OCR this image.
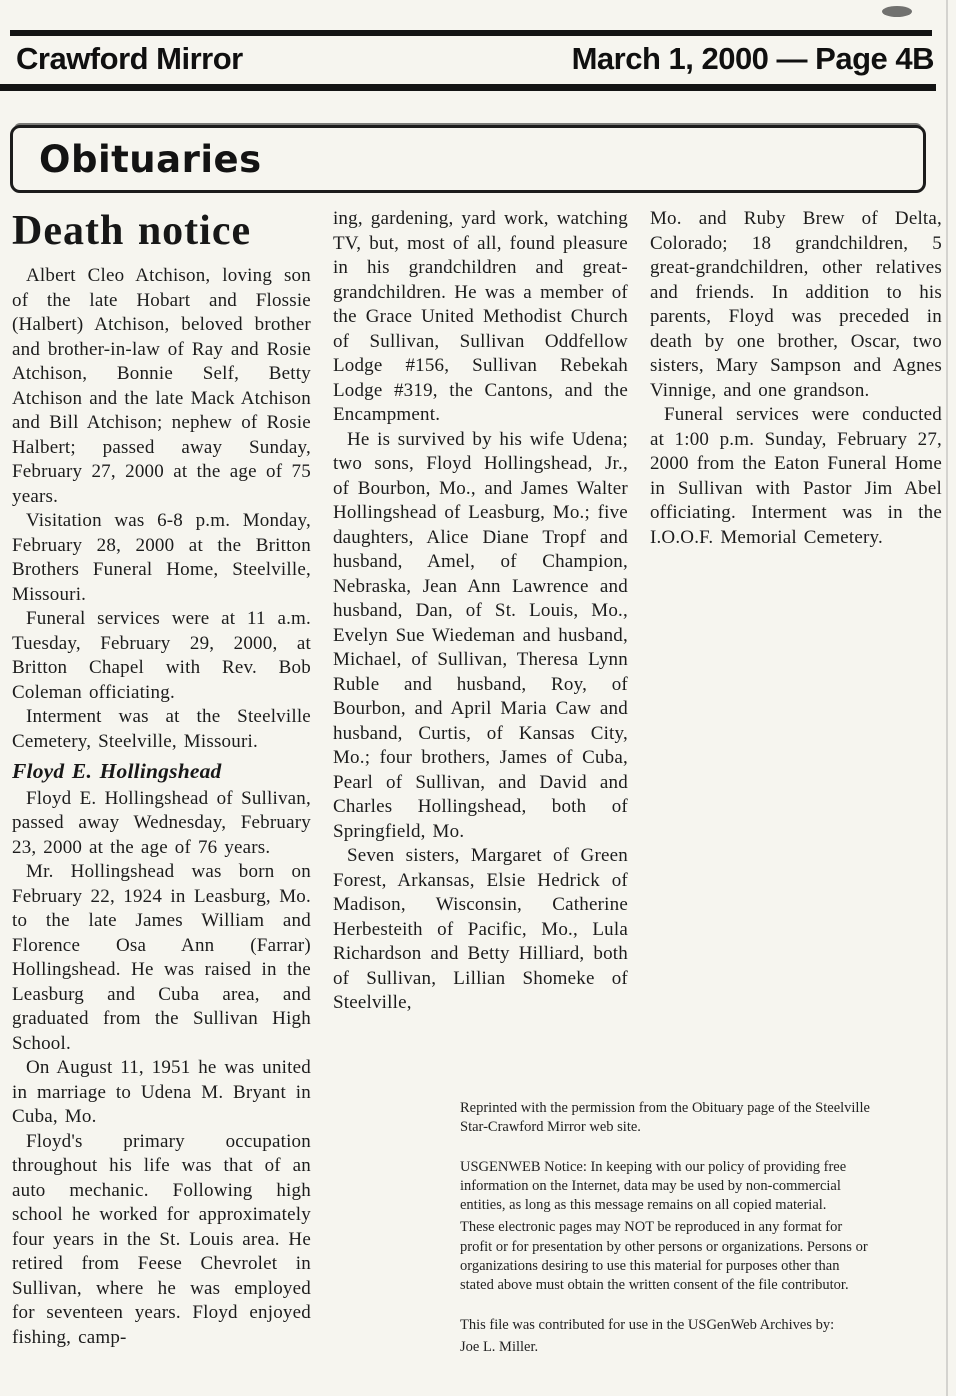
Crawford Mirror	March 1, 2000 — Page 4B
Obituaries
Death notice

Albert Cleo Atchison, loving son of the late Hobart and Flossie (Halbert) Atchison, beloved brother and brother-in-law of Ray and Rosie Atchison, Bonnie Self, Betty Atchison and the late Mack Atchison and Bill Atchison; nephew of Rosie Halbert; passed away Sunday, February 27, 2000 at the age of 75 years.

Visitation was 6-8 p.m. Monday, February 28, 2000 at the Britton Brothers Funeral Home, Steelville, Missouri.

Funeral services were at 11 a.m. Tuesday, February 29, 2000, at Britton Chapel with Rev. Bob Coleman officiating.

Interment was at the Steelville Cemetery, Steelville, Missouri.

Floyd E. Hollingshead

Floyd E. Hollingshead of Sullivan, passed away Wednesday, February 23, 2000 at the age of 76 years.

Mr. Hollingshead was born on February 22, 1924 in Leasburg, Mo. to the late James William and Florence Osa Ann (Farrar) Hollingshead. He was raised in the Leasburg and Cuba area, and graduated from the Sullivan High School.

On August 11, 1951 he was united in marriage to Udena M. Bryant in Cuba, Mo.

Floyd's primary occupation throughout his life was that of an auto mechanic. Following high school he worked for approximately four years in the St. Louis area. He retired from Feese Chevrolet in Sullivan, where he was employed for seventeen years. Floyd enjoyed fishing, camp-

ing, gardening, yard work, watching TV, but, most of all, found pleasure in his grandchildren and great-grandchildren. He was a member of the Grace United Methodist Church of Sullivan, Sullivan Oddfellow Lodge #156, Sullivan Rebekah Lodge #319, the Cantons, and the Encampment.

He is survived by his wife Udena; two sons, Floyd Hollingshead, Jr., of Bourbon, Mo., and James Walter Hollingshead of Leasburg, Mo.; five daughters, Alice Diane Tropf and husband, Amel, of Champion, Nebraska, Jean Ann Lawrence and husband, Dan, of St. Louis, Mo., Evelyn Sue Wiedeman and husband, Michael, of Sullivan, Theresa Lynn Ruble and husband, Roy, of Bourbon, and April Maria Caw and husband, Curtis, of Kansas City, Mo.; four brothers, James of Cuba, Pearl of Sullivan, and David and Charles Hollingshead, both of Springfield, Mo.

Seven sisters, Margaret of Green Forest, Arkansas, Elsie Hedrick of Madison, Wisconsin, Catherine Herbesteith of Pacific, Mo., Lula Richardson and Betty Hilliard, both of Sullivan, Lillian Shomeke of Steelville,

Mo. and Ruby Brew of Delta, Colorado; 18 grandchildren, 5 great-grandchildren, other relatives and friends. In addition to his parents, Floyd was preceded in death by one brother, Oscar, two sisters, Mary Sampson and Agnes Vinnige, and one grandson.

Funeral services were conducted at 1:00 p.m. Sunday, February 27, 2000 from the Eaton Funeral Home in Sullivan with Pastor Jim Abel officiating. Interment was in the I.O.O.F. Memorial Cemetery.

Reprinted with the permission from the Obituary page of the Steelville Star-Crawford Mirror web site.

USGENWEB Notice: In keeping with our policy of providing free information on the Internet, data may be used by non-commercial entities, as long as this message remains on all copied material.

These electronic pages may NOT be reproduced in any format for profit or for presentation by other persons or organizations. Persons or organizations desiring to use this material for purposes other than stated above must obtain the written consent of the file contributor.

This file was contributed for use in the USGenWeb Archives by:

Joe L. Miller.
